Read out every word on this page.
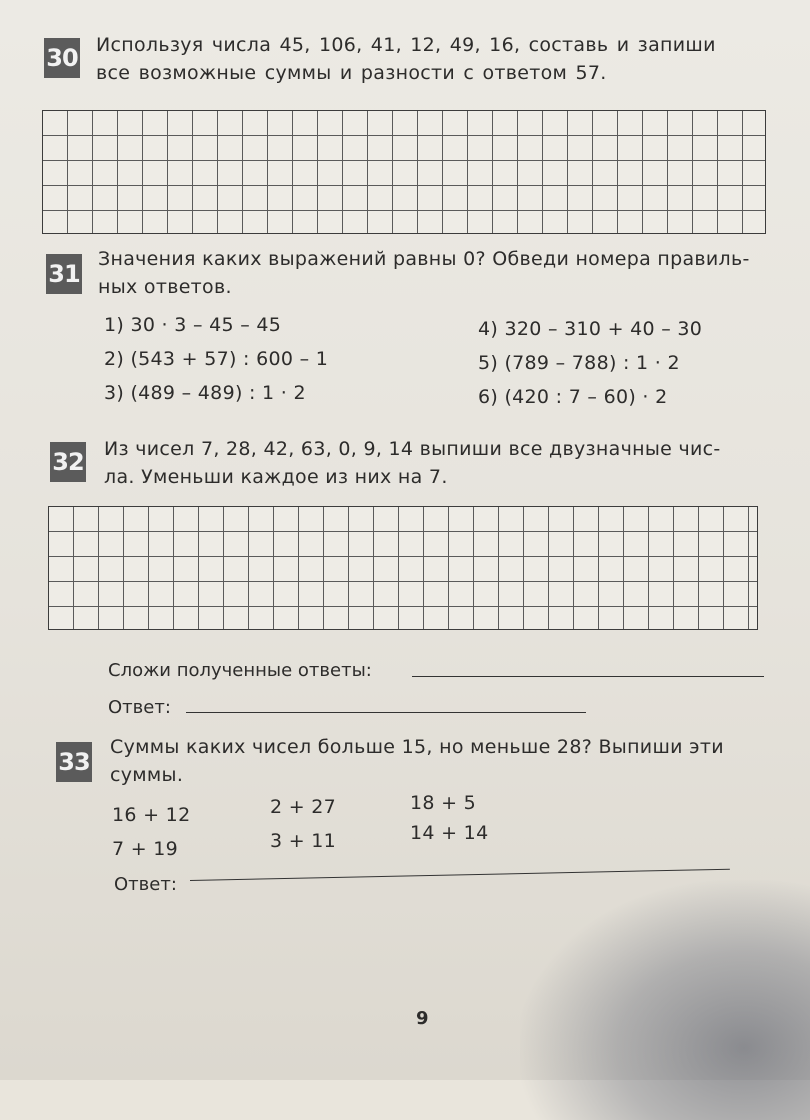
30 Используя числа 45, 106, 41, 12, 49, 16, составь и запиши
все возможные суммы и разности с ответом 57.
31
Значения каких выражений равны 0? Обведи номера правиль-
ных ответов.
1) 30 · 3 – 45 – 45
2) (543 + 57) : 600 – 1
3) (489 – 489) : 1 · 2
4) 320 – 310 + 40 – 30
5) (789 – 788) : 1 · 2
6) (420 : 7 – 60) · 2
32 Из чисел 7, 28, 42, 63, 0, 9, 14 выпиши все двузначные чис-
ла. Уменьши каждое из них на 7.
Сложи полученные ответы:
Ответ:
33
Суммы каких чисел больше 15, но меньше 28? Выпиши эти
суммы.
16 + 12
7 + 19
2 + 27
3 + 11
18 + 5
14 + 14
Ответ:
9
